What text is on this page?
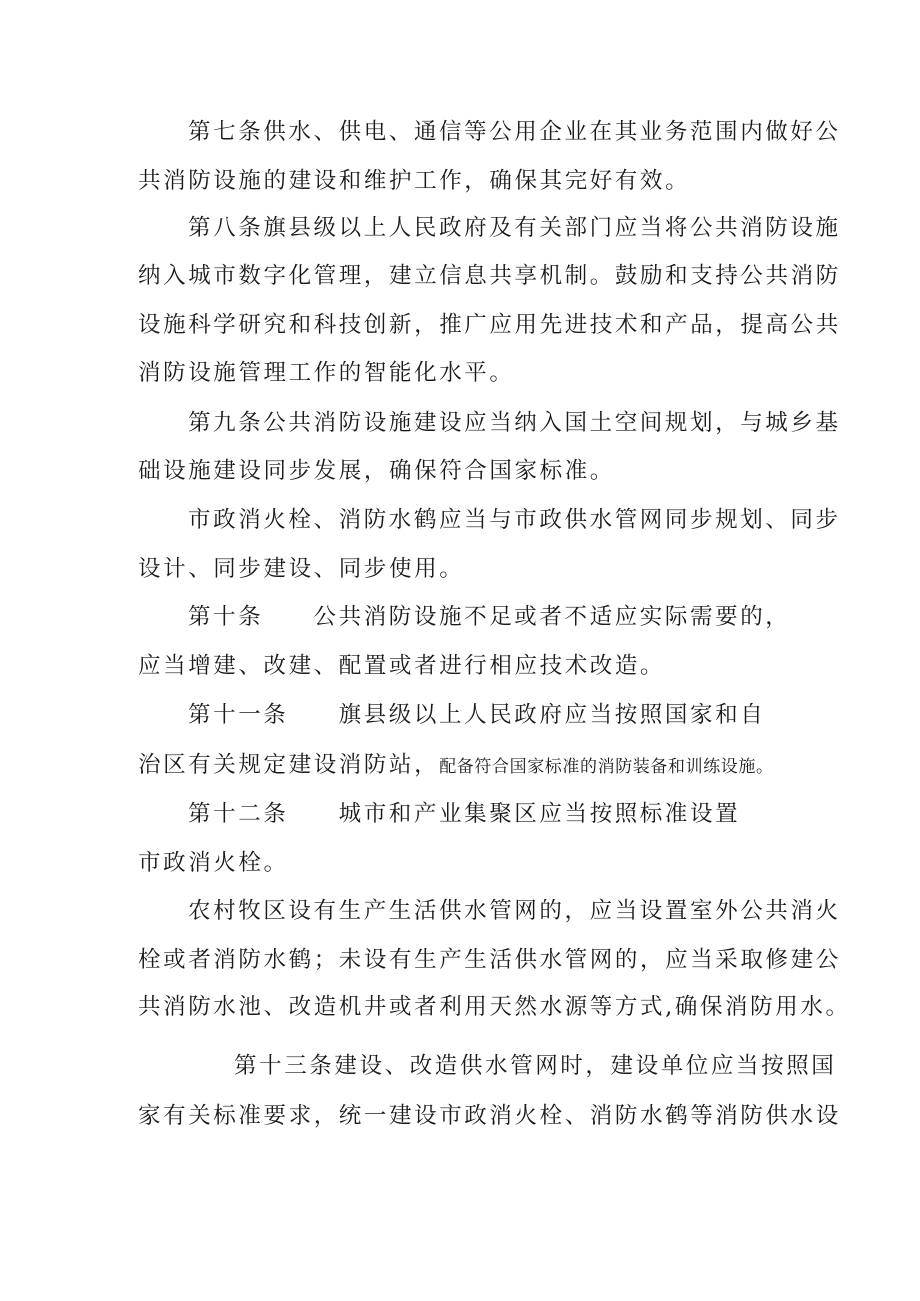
第七条供水、供电、通信等公用企业在其业务范围内做好公
共消防设施的建设和维护工作，确保其完好有效。
第八条旗县级以上人民政府及有关部门应当将公共消防设施
纳入城市数字化管理，建立信息共享机制。鼓励和支持公共消防
设施科学研究和科技创新，推广应用先进技术和产品，提高公共
消防设施管理工作的智能化水平。
第九条公共消防设施建设应当纳入国土空间规划，与城乡基
础设施建设同步发展，确保符合国家标准。
市政消火栓、消防水鹤应当与市政供水管网同步规划、同步
设计、同步建设、同步使用。
第十条　　公共消防设施不足或者不适应实际需要的，
应当增建、改建、配置或者进行相应技术改造。
第十一条　　旗县级以上人民政府应当按照国家和自
治区有关规定建设消防站，配备符合国家标准的消防装备和训练设施。
第十二条　　城市和产业集聚区应当按照标准设置
市政消火栓。
农村牧区设有生产生活供水管网的，应当设置室外公共消火
栓或者消防水鹤；未设有生产生活供水管网的，应当采取修建公
共消防水池、改造机井或者利用天然水源等方式,确保消防用水。
第十三条建设、改造供水管网时，建设单位应当按照国
家有关标准要求，统一建设市政消火栓、消防水鹤等消防供水设
